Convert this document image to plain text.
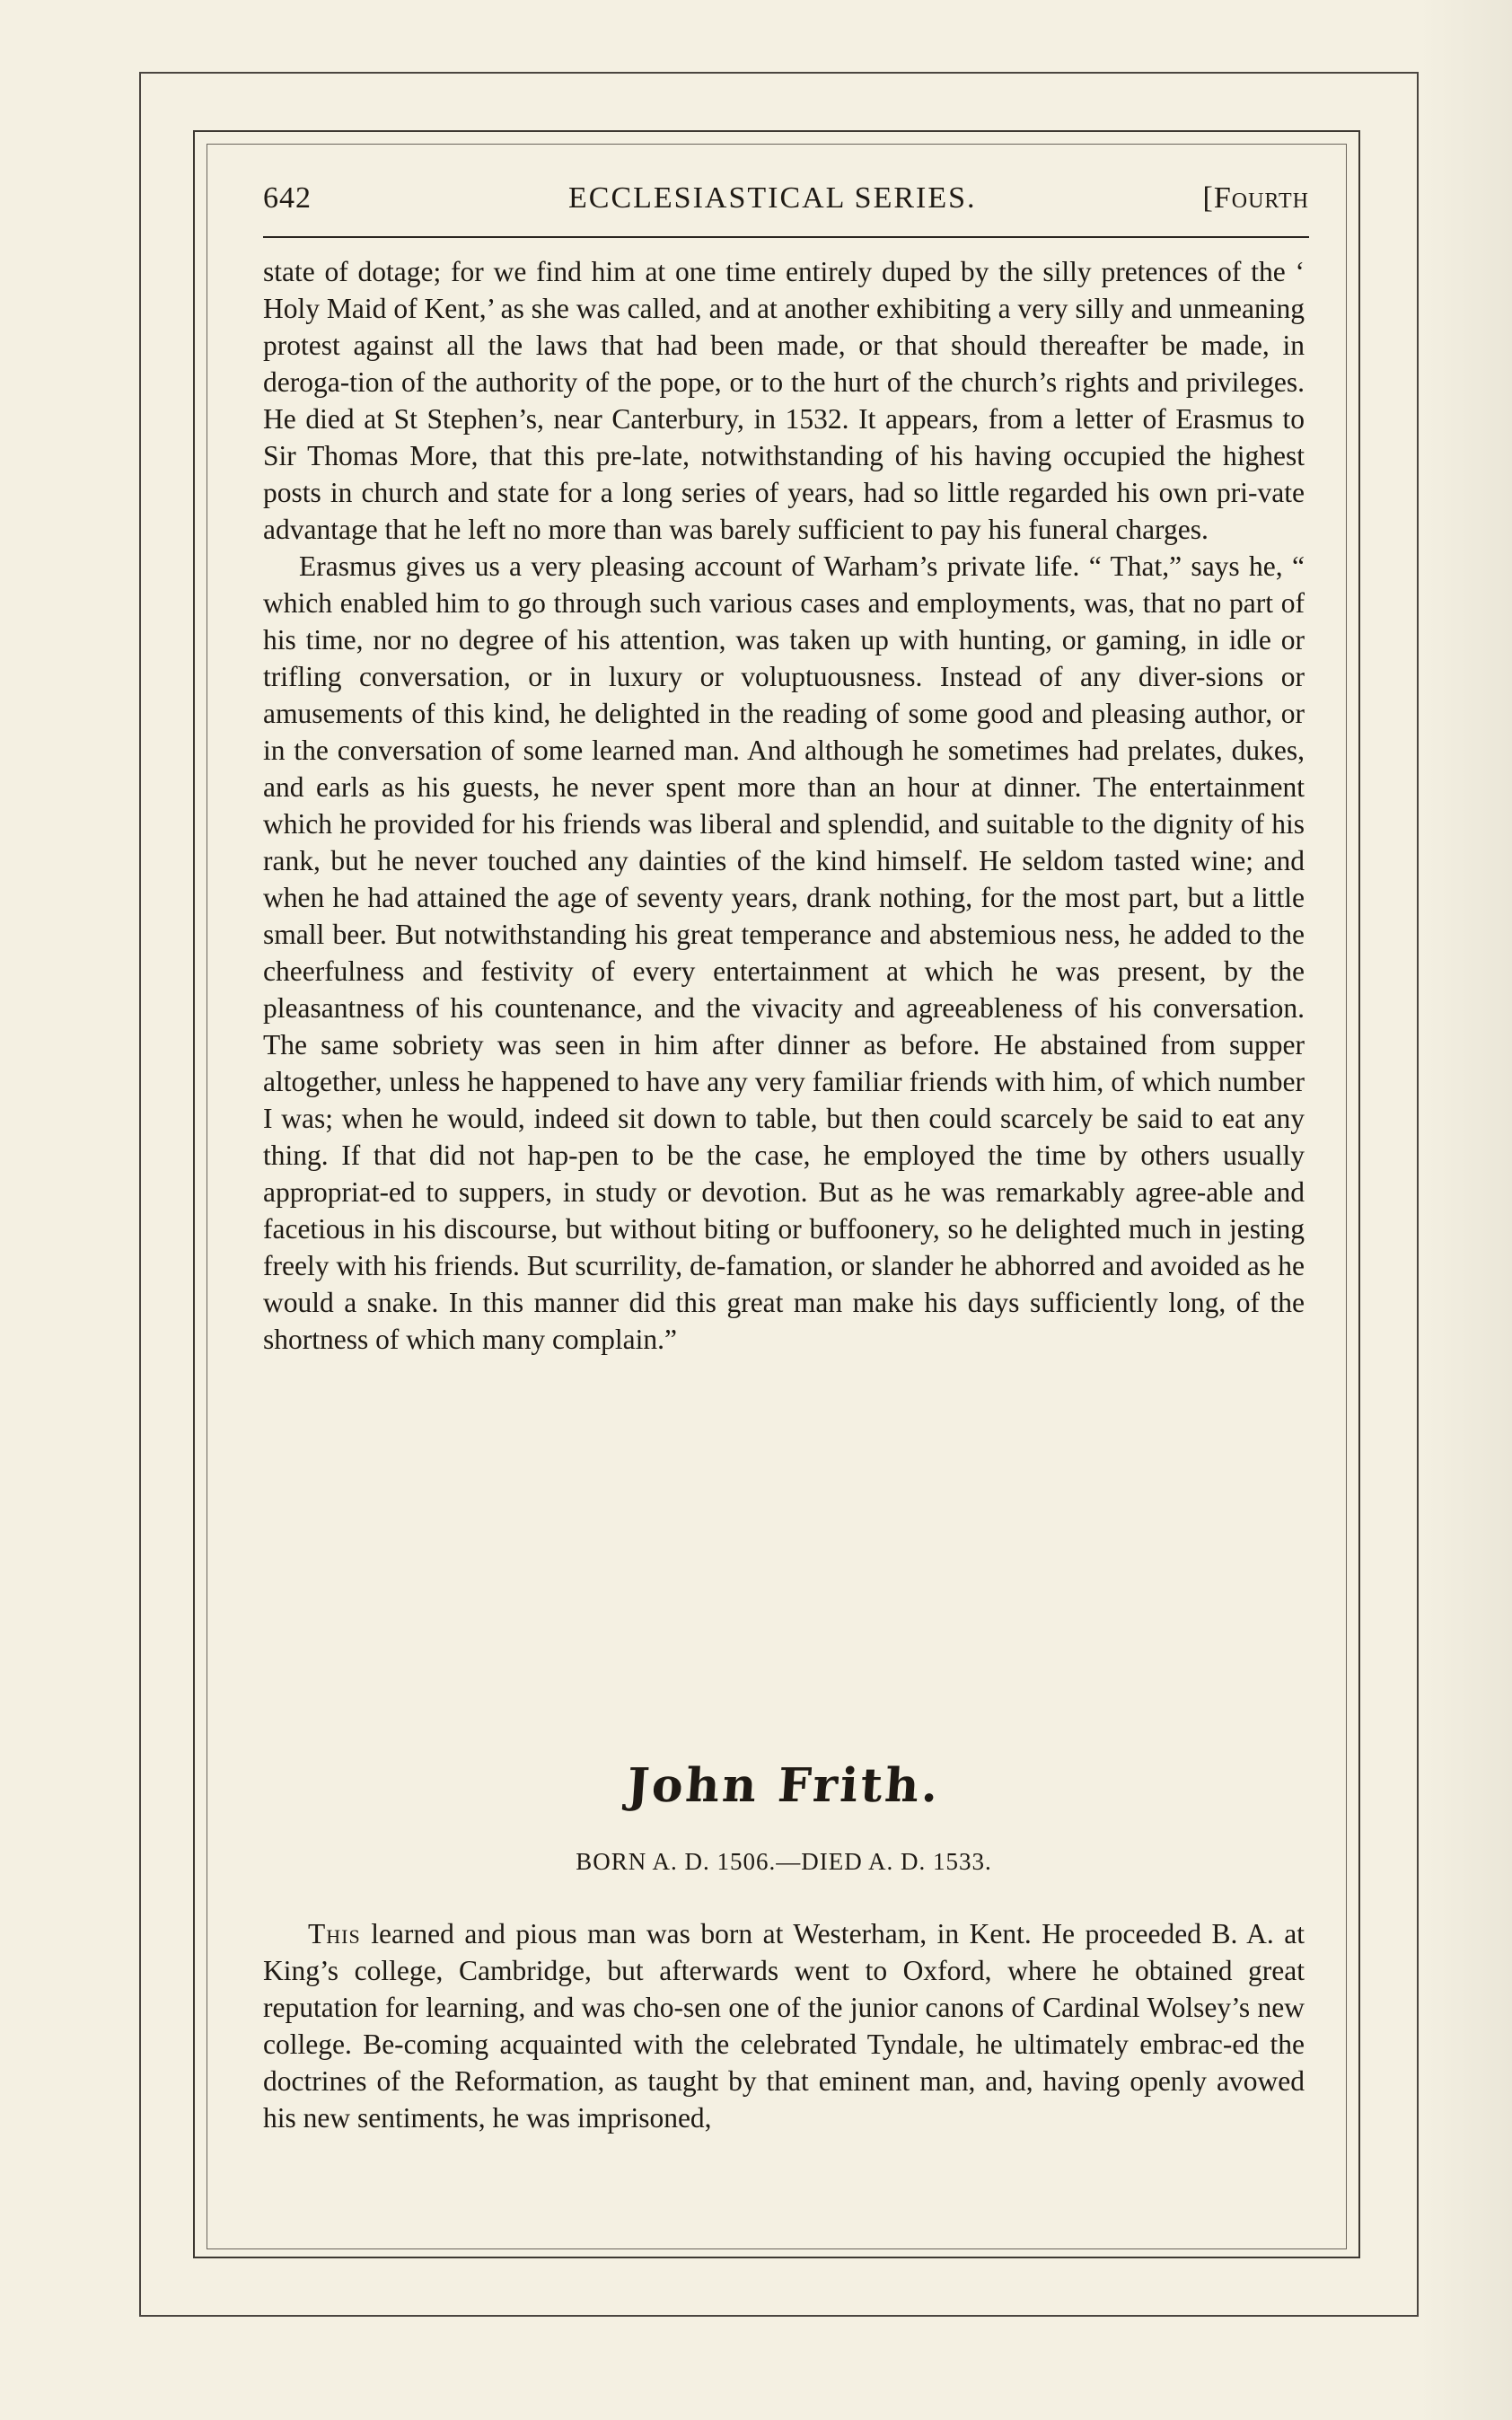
642	ECCLESIASTICAL SERIES.	[Fourth

state of dotage; for we find him at one time entirely duped by the silly pretences of the ‘ Holy Maid of Kent,’ as she was called, and at another exhibiting a very silly and unmeaning protest against all the laws that had been made, or that should thereafter be made, in deroga-tion of the authority of the pope, or to the hurt of the church’s rights and privileges. He died at St Stephen’s, near Canterbury, in 1532. It appears, from a letter of Erasmus to Sir Thomas More, that this pre-late, notwithstanding of his having occupied the highest posts in church and state for a long series of years, had so little regarded his own pri-vate advantage that he left no more than was barely sufficient to pay his funeral charges.

Erasmus gives us a very pleasing account of Warham’s private life. “ That,” says he, “ which enabled him to go through such various cases and employments, was, that no part of his time, nor no degree of his attention, was taken up with hunting, or gaming, in idle or trifling conversation, or in luxury or voluptuousness. Instead of any diver-sions or amusements of this kind, he delighted in the reading of some good and pleasing author, or in the conversation of some learned man. And although he sometimes had prelates, dukes, and earls as his guests, he never spent more than an hour at dinner. The entertainment which he provided for his friends was liberal and splendid, and suitable to the dignity of his rank, but he never touched any dainties of the kind himself. He seldom tasted wine; and when he had attained the age of seventy years, drank nothing, for the most part, but a little small beer. But notwithstanding his great temperance and abstemious ness, he added to the cheerfulness and festivity of every entertainment at which he was present, by the pleasantness of his countenance, and the vivacity and agreeableness of his conversation. The same sobriety was seen in him after dinner as before. He abstained from supper altogether, unless he happened to have any very familiar friends with him, of which number I was; when he would, indeed sit down to table, but then could scarcely be said to eat any thing. If that did not hap-pen to be the case, he employed the time by others usually appropriat-ed to suppers, in study or devotion. But as he was remarkably agree-able and facetious in his discourse, but without biting or buffoonery, so he delighted much in jesting freely with his friends. But scurrility, de-famation, or slander he abhorred and avoided as he would a snake. In this manner did this great man make his days sufficiently long, of the shortness of which many complain.”

John Frith.
BORN A. D. 1506.—DIED A. D. 1533.

This learned and pious man was born at Westerham, in Kent. He proceeded B. A. at King’s college, Cambridge, but afterwards went to Oxford, where he obtained great reputation for learning, and was cho-sen one of the junior canons of Cardinal Wolsey’s new college. Be-coming acquainted with the celebrated Tyndale, he ultimately embrac-ed the doctrines of the Reformation, as taught by that eminent man, and, having openly avowed his new sentiments, he was imprisoned,
